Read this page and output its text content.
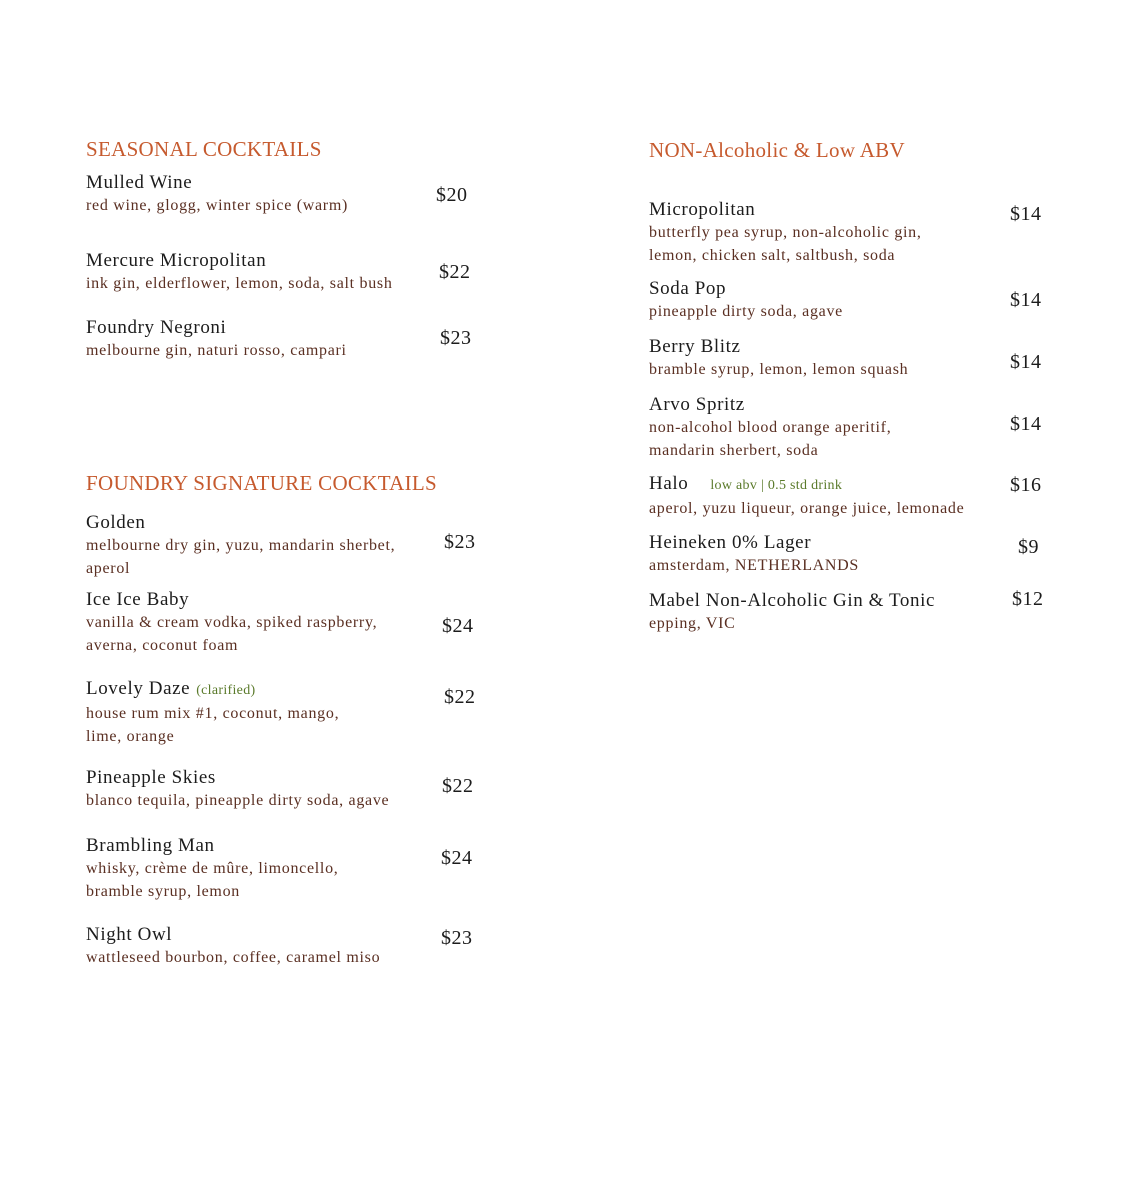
SEASONAL COCKTAILS
Mulled Wine
red wine, glogg, winter spice (warm)	$20
Mercure Micropolitan
ink gin, elderflower, lemon, soda, salt bush
$22
Foundry Negroni
melbourne gin, naturi rosso, campari
$23
FOUNDRY SIGNATURE COCKTAILS
Golden
melbourne dry gin, yuzu, mandarin sherbet,
aperol
$23
Ice Ice Baby
vanilla & cream vodka, spiked raspberry,
averna, coconut foam
$24
Lovely Daze (clarified)
house rum mix #1, coconut, mango,
lime, orange
$22
Pineapple Skies
blanco tequila, pineapple dirty soda, agave
$22
Brambling Man
whisky, crème de mûre, limoncello,
bramble syrup, lemon
$24
Night Owl
wattleseed bourbon, coffee, caramel miso
$23
NON-Alcoholic & Low ABV
Micropolitan
butterfly pea syrup, non-alcoholic gin,
lemon, chicken salt, saltbush, soda
$14
Soda Pop
pineapple dirty soda, agave
$14
Berry Blitz
bramble syrup, lemon, lemon squash	$14
Arvo Spritz
non-alcohol blood orange aperitif,
mandarin sherbert, soda
$14
Halo low abv | 0.5 std drink
aperol, yuzu liqueur, orange juice, lemonade
$16
Heineken 0% Lager
amsterdam, NETHERLANDS
$9
Mabel Non-Alcoholic Gin & Tonic
epping, VIC
$12
